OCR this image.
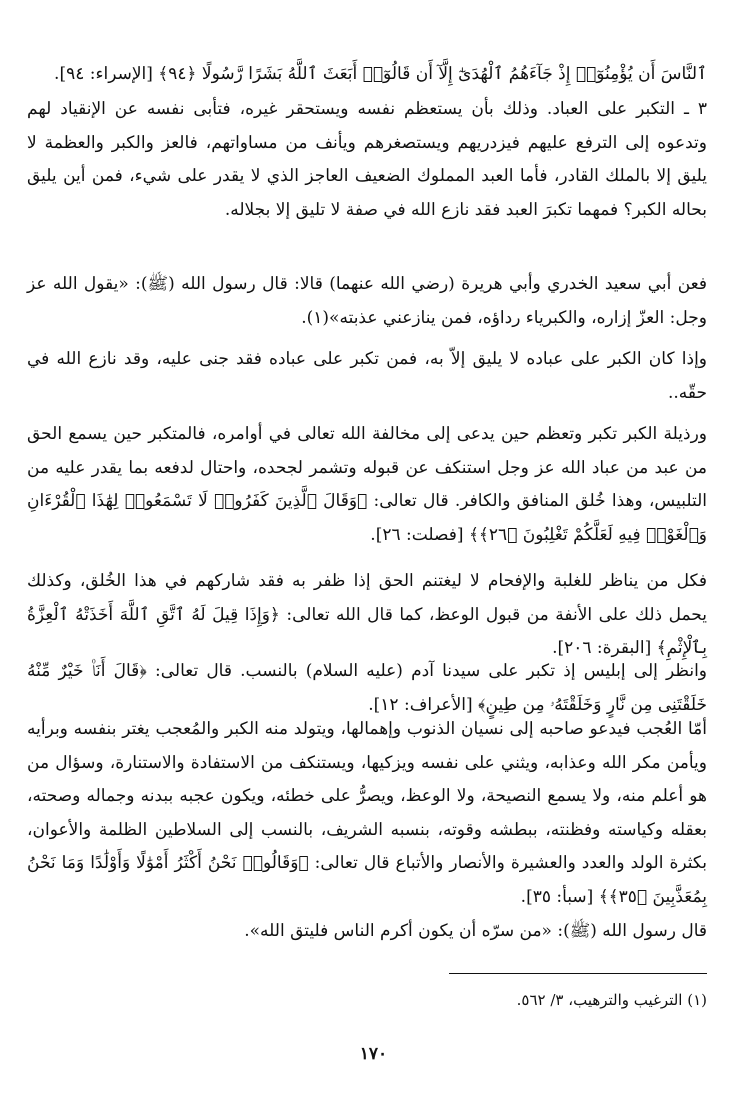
ٱلنَّاسَ أَن يُؤْمِنُوٓا۟ إِذْ جَآءَهُمُ ٱلْهُدَىٰٓ إِلَّآ أَن قَالُوٓا۟ أَبَعَثَ ٱللَّهُ بَشَرًا رَّسُولًا ﴿٩٤﴾ [الإسراء: ٩٤].

٣ ـ التكبر على العباد. وذلك بأن يستعظم نفسه ويستحقر غيره، فتأبى نفسه عن الإنقياد لهم وتدعوه إلى الترفع عليهم فيزدريهم ويستصغرهم ويأنف من مساواتهم، فالعز والكبر والعظمة لا يليق إلا بالملك القادر، فأما العبد المملوك الضعيف العاجز الذي لا يقدر على شيء، فمن أين يليق بحاله الكبر؟ فمهما تكبرَ العبد فقد نازع الله في صفة لا تليق إلا بجلاله.

فعن أبي سعيد الخدري وأبي هريرة (رضي الله عنهما) قالا: قال رسول الله (ﷺ): «يقول الله عز وجل: العزّ إزاره، والكبرياء رداؤه، فمن ينازعني عذبته»(١).

وإذا كان الكبر على عباده لا يليق إلاّ به، فمن تكبر على عباده فقد جنى عليه، وقد نازع الله في حقّه..

ورذيلة الكبر تكبر وتعظم حين يدعى إلى مخالفة الله تعالى في أوامره، فالمتكبر حين يسمع الحق من عبد من عباد الله عز وجل استنكف عن قبوله وتشمر لجحده، واحتال لدفعه بما يقدر عليه من التلبيس، وهذا خُلق المنافق والكافر. قال تعالى: ﴿وَقَالَ ٱلَّذِينَ كَفَرُوا۟ لَا تَسْمَعُوا۟ لِهَٰذَا ٱلْقُرْءَانِ وَٱلْغَوْا۟ فِيهِ لَعَلَّكُمْ تَغْلِبُونَ ﴿٢٦﴾﴾ [فصلت: ٢٦].

فكل من يناظر للغلبة والإفحام لا ليغتنم الحق إذا ظفر به فقد شاركهم في هذا الخُلق، وكذلك يحمل ذلك على الأنفة من قبول الوعظ، كما قال الله تعالى: ﴿وَإِذَا قِيلَ لَهُ ٱتَّقِ ٱللَّهَ أَخَذَتْهُ ٱلْعِزَّةُ بِٱلْإِثْمِ﴾ [البقرة: ٢٠٦].

وانظر إلى إبليس إذ تكبر على سيدنا آدم (عليه السلام) بالنسب. قال تعالى: ﴿قَالَ أَنَا۠ خَيْرٌ مِّنْهُ خَلَقْتَنِى مِن نَّارٍ وَخَلَقْتَهُۥ مِن طِينٍ﴾ [الأعراف: ١٢].

أمّا العُجب فيدعو صاحبه إلى نسيان الذنوب وإهمالها، ويتولد منه الكبر والمُعجب يغتر بنفسه وبرأيه ويأمن مكر الله وعذابه، ويثني على نفسه ويزكيها، ويستنكف من الاستفادة والاستنارة، وسؤال من هو أعلم منه، ولا يسمع النصيحة، ولا الوعظ، ويصرُّ على خطئه، ويكون عجبه ببدنه وجماله وصحته، بعقله وكياسته وفظنته، ببطشه وقوته، بنسبه الشريف، بالنسب إلى السلاطين الظلمة والأعوان، بكثرة الولد والعدد والعشيرة والأنصار والأتباع قال تعالى: ﴿وَقَالُوا۟ نَحْنُ أَكْثَرُ أَمْوَٰلًا وَأَوْلَٰدًا وَمَا نَحْنُ بِمُعَذَّبِينَ ﴿٣٥﴾﴾ [سبأ: ٣٥].

قال رسول الله (ﷺ): «من سرّه أن يكون أكرم الناس فليتق الله».

(١) الترغيب والترهيب، ٣/ ٥٦٢.

١٧٠
